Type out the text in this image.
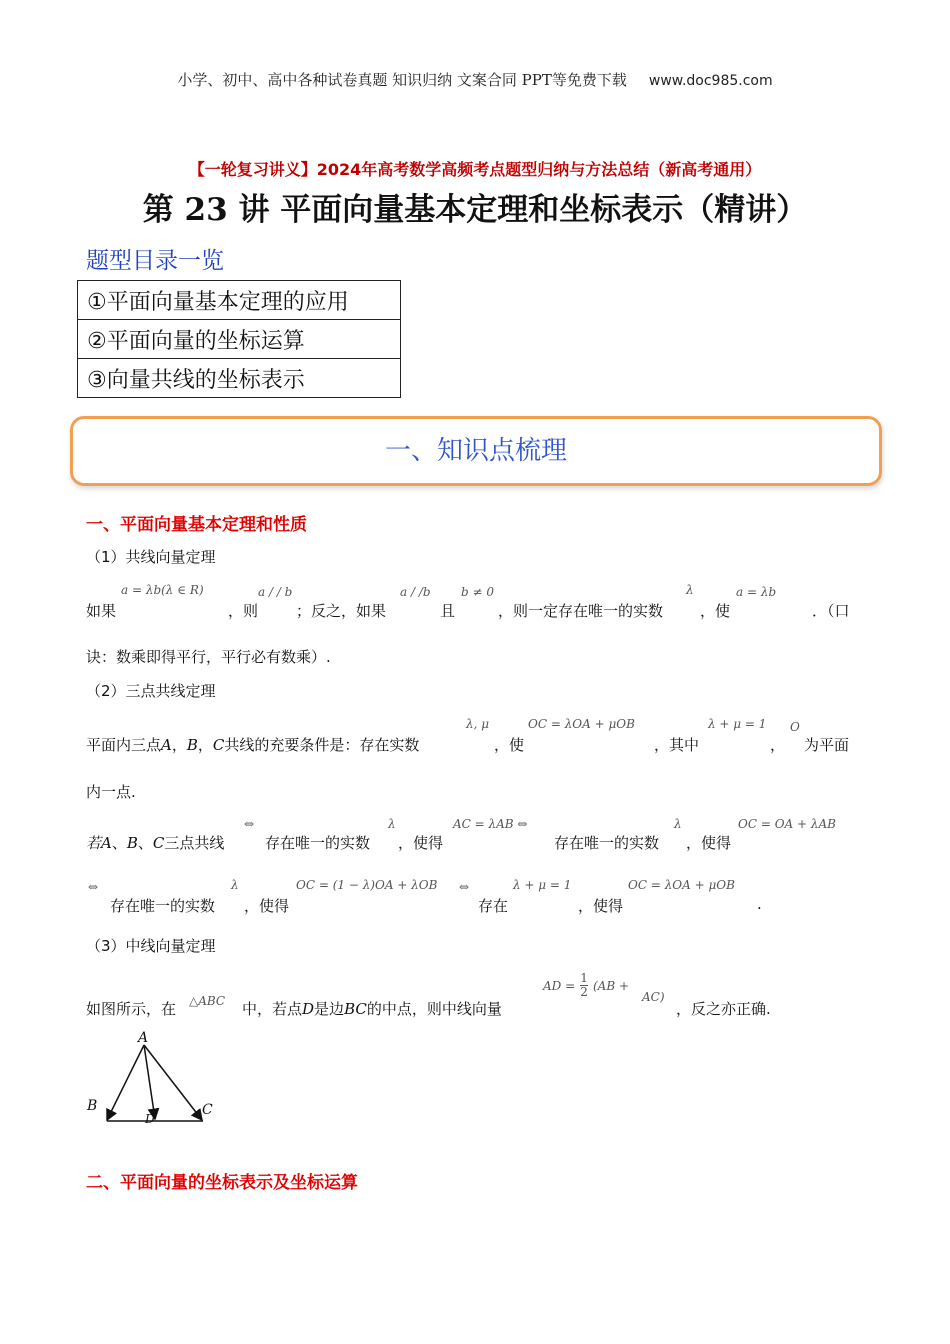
小学、初中、高中各种试卷真题 知识归纳 文案合同 PPT等免费下载 www.doc985.com
【一轮复习讲义】2024年高考数学高频考点题型归纳与方法总结（新高考通用）
第 23 讲 平面向量基本定理和坐标表示（精讲）
题型目录一览
①平面向量基本定理的应用
②平面向量的坐标运算
③向量共线的坐标表示
一、知识点梳理
一、平面向量基本定理和性质
（1）共线向量定理
a = λb(λ ∈ R)	a / / b	a / /b	b ≠ 0	λ	a = λb
如果	，则	；反之，如果	且	，则一定存在唯一的实数 ，使	．（口
诀：数乘即得平行，平行必有数乘）.
（2）三点共线定理
λ, μ	OC = λOA + μOB	λ + μ = 1 O
平面内三点A，B，C共线的充要条件是：存在实数	，使	，其中	， 为平面
内一点.
⇔	λ	AC = λAB ⇔	λ	OC = OA + λAB
若A、B、C三点共线	存在唯一的实数 ，使得	存在唯一的实数 ，使得
⇔	λ	OC = (1 − λ)OA + λOB ⇔	λ + μ = 1	OC = λOA + μOB
存在唯一的实数 ，使得	存在	，使得	.
（3）中线向量定理
△ABC
AD = $\frac{1}{2} (AB$ +
AC)
如图所示，在	中，若点D是边BC的中点，则中线向量	，反之亦正确.
A
B	C
D
二、平面向量的坐标表示及坐标运算
